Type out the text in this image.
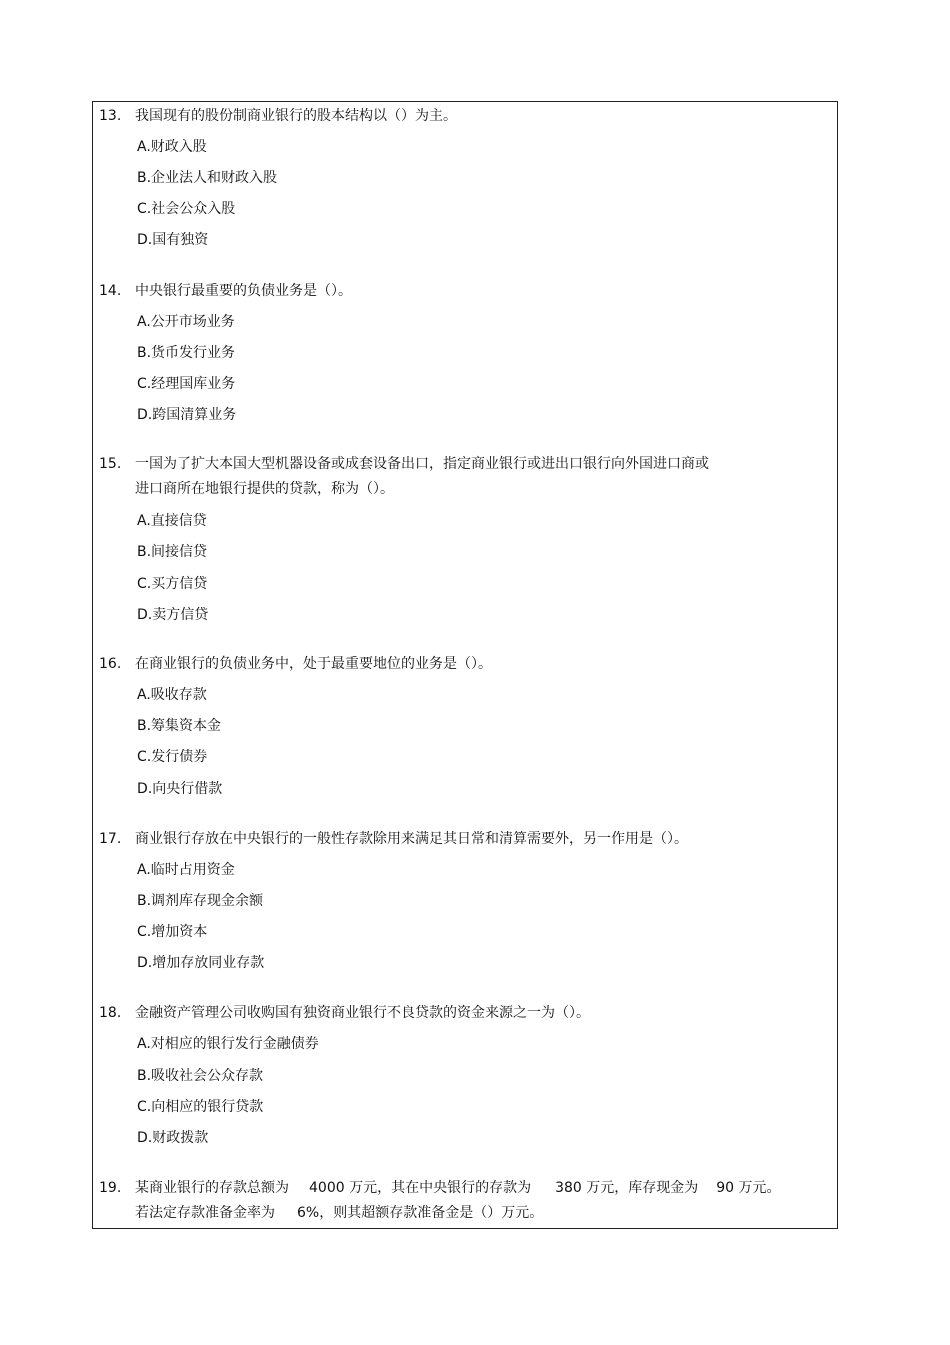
13. 我国现有的股份制商业银行的股本结构以（）为主。
A.财政入股
B.企业法人和财政入股
C.社会公众入股
D.国有独资
14. 中央银行最重要的负债业务是（）。
A.公开市场业务
B.货币发行业务
C.经理国库业务
D.跨国清算业务
15. 一国为了扩大本国大型机器设备或成套设备出口，指定商业银行或进出口银行向外国进口商或
进口商所在地银行提供的贷款，称为（）。
A.直接信贷
B.间接信贷
C.买方信贷
D.卖方信贷
16. 在商业银行的负债业务中，处于最重要地位的业务是（）。
A.吸收存款
B.筹集资本金
C.发行债券
D.向央行借款
17. 商业银行存放在中央银行的一般性存款除用来满足其日常和清算需要外，另一作用是（）。
A.临时占用资金
B.调剂库存现金余额
C.增加资本
D.增加存放同业存款
18. 金融资产管理公司收购国有独资商业银行不良贷款的资金来源之一为（）。
A.对相应的银行发行金融债券
B.吸收社会公众存款
C.向相应的银行贷款
D.财政拨款
19. 某商业银行的存款总额为 4000 万元，其在中央银行的存款为 380 万元，库存现金为 90 万元。
若法定存款准备金率为 6%，则其超额存款准备金是（）万元。
